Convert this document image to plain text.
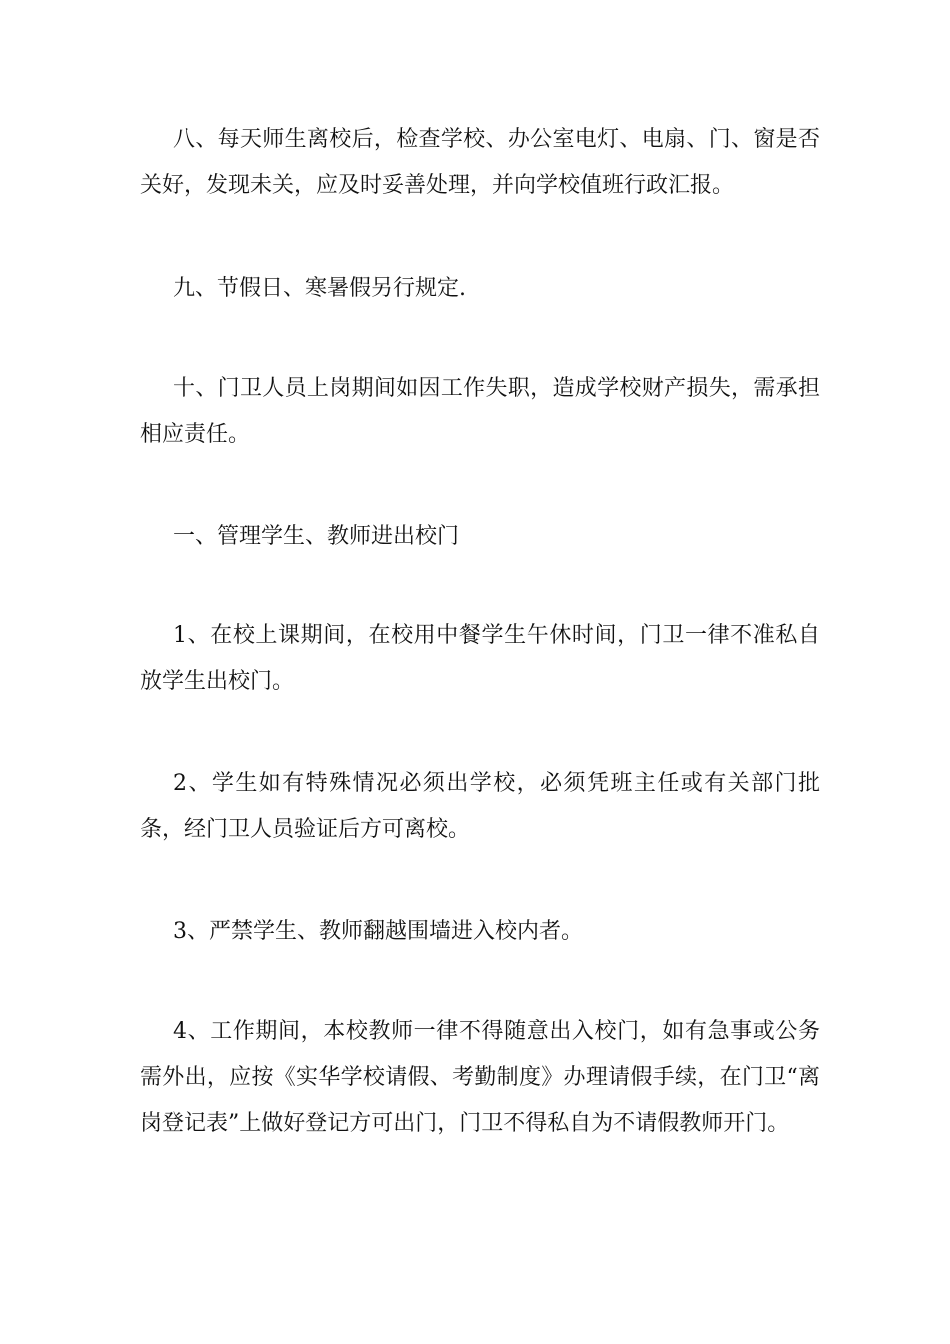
八、每天师生离校后，检查学校、办公室电灯、电扇、门、窗是否关好，发现未关，应及时妥善处理，并向学校值班行政汇报。

九、节假日、寒暑假另行规定.

十、门卫人员上岗期间如因工作失职，造成学校财产损失，需承担相应责任。

一、管理学生、教师进出校门

1、在校上课期间，在校用中餐学生午休时间，门卫一律不准私自放学生出校门。

2、学生如有特殊情况必须出学校，必须凭班主任或有关部门批条，经门卫人员验证后方可离校。

3、严禁学生、教师翻越围墙进入校内者。

4、工作期间，本校教师一律不得随意出入校门，如有急事或公务需外出，应按《实华学校请假、考勤制度》办理请假手续，在门卫“离岗登记表”上做好登记方可出门，门卫不得私自为不请假教师开门。
